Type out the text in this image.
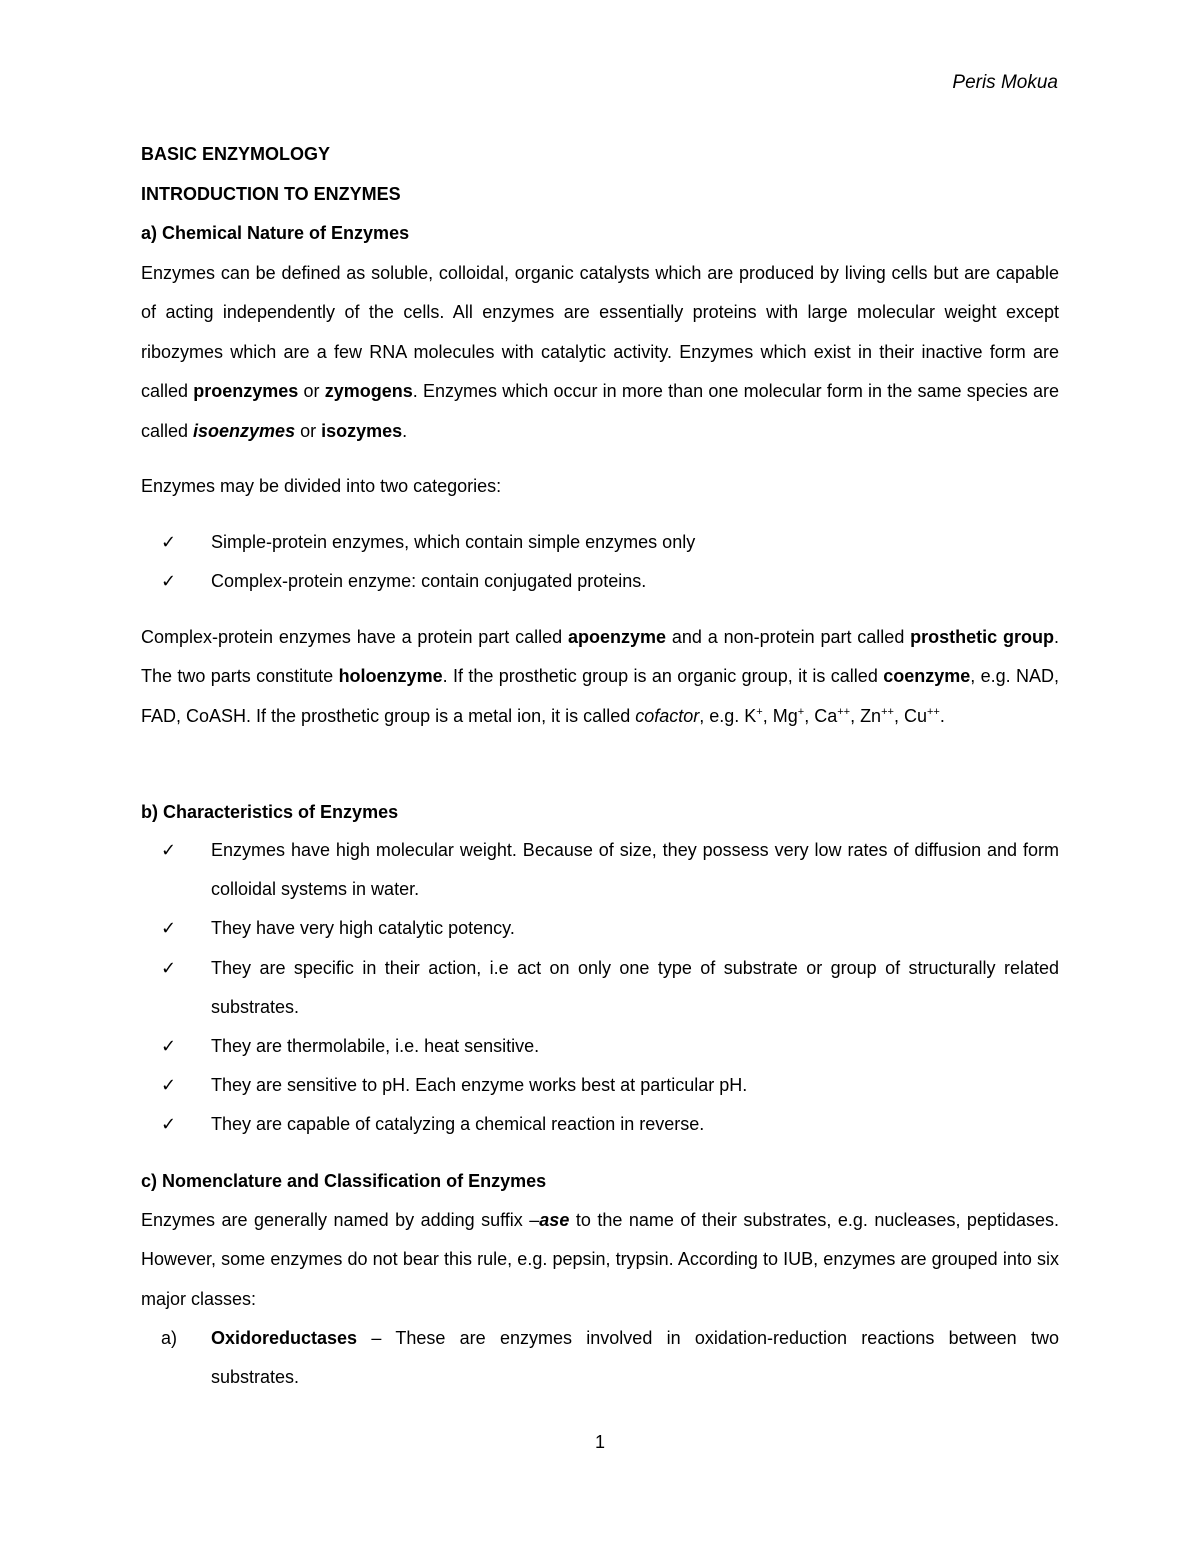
Peris Mokua
BASIC ENZYMOLOGY
INTRODUCTION TO ENZYMES
a) Chemical Nature of Enzymes
Enzymes can be defined as soluble, colloidal, organic catalysts which are produced by living cells but are capable of acting independently of the cells. All enzymes are essentially proteins with large molecular weight except ribozymes which are a few RNA molecules with catalytic activity. Enzymes which exist in their inactive form are called proenzymes or zymogens. Enzymes which occur in more than one molecular form in the same species are called isoenzymes or isozymes.
Enzymes may be divided into two categories:
✓ Simple-protein enzymes, which contain simple enzymes only
✓ Complex-protein enzyme: contain conjugated proteins.
Complex-protein enzymes have a protein part called apoenzyme and a non-protein part called prosthetic group. The two parts constitute holoenzyme. If the prosthetic group is an organic group, it is called coenzyme, e.g. NAD, FAD, CoASH. If the prosthetic group is a metal ion, it is called cofactor, e.g. K+, Mg+, Ca++, Zn++, Cu++.
b) Characteristics of Enzymes
✓ Enzymes have high molecular weight. Because of size, they possess very low rates of diffusion and form colloidal systems in water.
✓ They have very high catalytic potency.
✓ They are specific in their action, i.e act on only one type of substrate or group of structurally related substrates.
✓ They are thermolabile, i.e. heat sensitive.
✓ They are sensitive to pH. Each enzyme works best at particular pH.
✓ They are capable of catalyzing a chemical reaction in reverse.
c) Nomenclature and Classification of Enzymes
Enzymes are generally named by adding suffix –ase to the name of their substrates, e.g. nucleases, peptidases. However, some enzymes do not bear this rule, e.g. pepsin, trypsin. According to IUB, enzymes are grouped into six major classes:
a) Oxidoreductases – These are enzymes involved in oxidation-reduction reactions between two substrates.
1
